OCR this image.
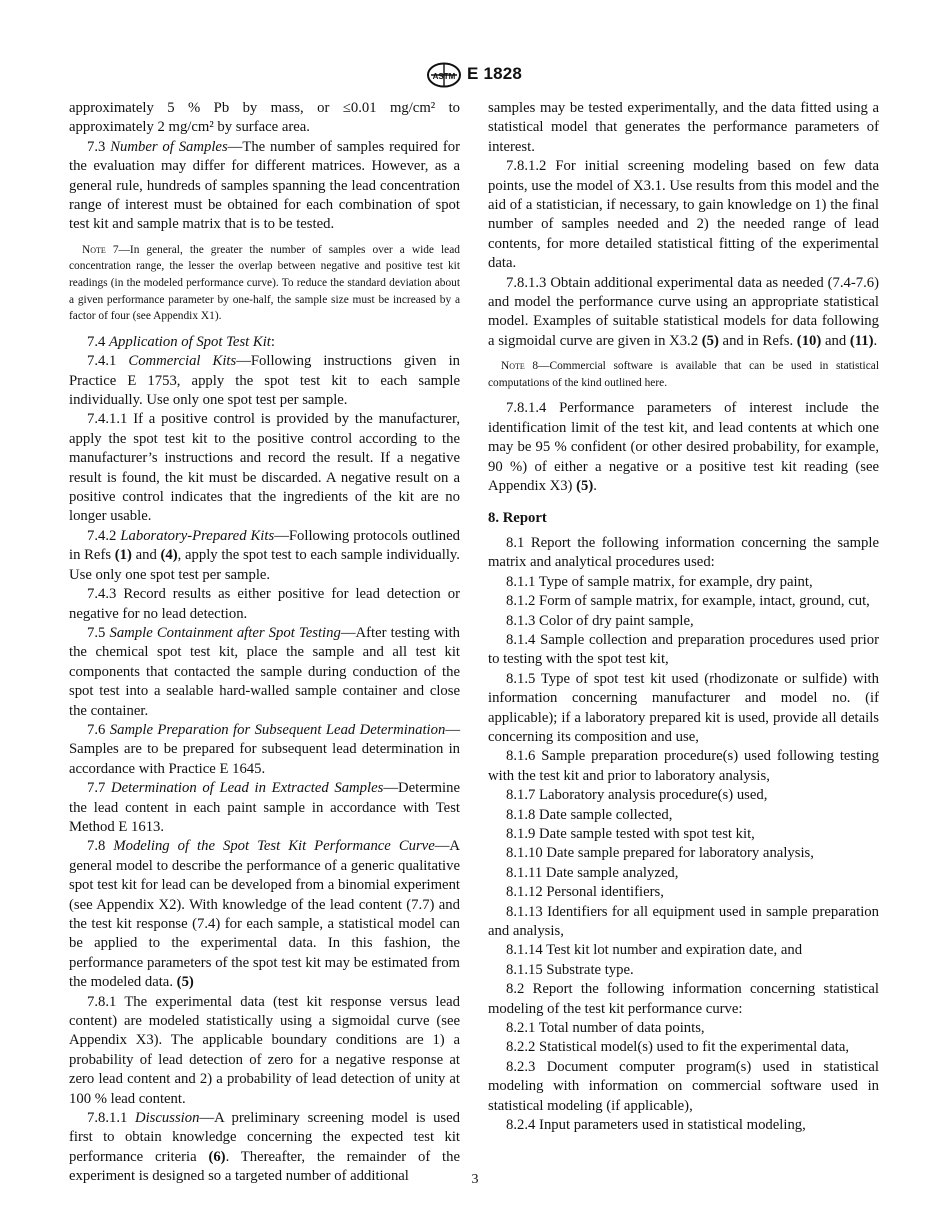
ASTM E 1828

approximately 5 % Pb by mass, or ≤0.01 mg/cm² to approximately 2 mg/cm² by surface area.

7.3 Number of Samples—The number of samples required for the evaluation may differ for different matrices. However, as a general rule, hundreds of samples spanning the lead concentration range of interest must be obtained for each combination of spot test kit and sample matrix that is to be tested.

Note 7—In general, the greater the number of samples over a wide lead concentration range, the lesser the overlap between negative and positive test kit readings (in the modeled performance curve). To reduce the standard deviation about a given performance parameter by one-half, the sample size must be increased by a factor of four (see Appendix X1).

7.4 Application of Spot Test Kit:

7.4.1 Commercial Kits—Following instructions given in Practice E 1753, apply the spot test kit to each sample individually. Use only one spot test per sample.

7.4.1.1 If a positive control is provided by the manufacturer, apply the spot test kit to the positive control according to the manufacturer’s instructions and record the result. If a negative result is found, the kit must be discarded. A negative result on a positive control indicates that the ingredients of the kit are no longer usable.

7.4.2 Laboratory-Prepared Kits—Following protocols outlined in Refs (1) and (4), apply the spot test to each sample individually. Use only one spot test per sample.

7.4.3 Record results as either positive for lead detection or negative for no lead detection.

7.5 Sample Containment after Spot Testing—After testing with the chemical spot test kit, place the sample and all test kit components that contacted the sample during conduction of the spot test into a sealable hard-walled sample container and close the container.

7.6 Sample Preparation for Subsequent Lead Determination—Samples are to be prepared for subsequent lead determination in accordance with Practice E 1645.

7.7 Determination of Lead in Extracted Samples—Determine the lead content in each paint sample in accordance with Test Method E 1613.

7.8 Modeling of the Spot Test Kit Performance Curve—A general model to describe the performance of a generic qualitative spot test kit for lead can be developed from a binomial experiment (see Appendix X2). With knowledge of the lead content (7.7) and the test kit response (7.4) for each sample, a statistical model can be applied to the experimental data. In this fashion, the performance parameters of the spot test kit may be estimated from the modeled data. (5)

7.8.1 The experimental data (test kit response versus lead content) are modeled statistically using a sigmoidal curve (see Appendix X3). The applicable boundary conditions are 1) a probability of lead detection of zero for a negative response at zero lead content and 2) a probability of lead detection of unity at 100 % lead content.

7.8.1.1 Discussion—A preliminary screening model is used first to obtain knowledge concerning the expected test kit performance criteria (6). Thereafter, the remainder of the experiment is designed so a targeted number of additional

samples may be tested experimentally, and the data fitted using a statistical model that generates the performance parameters of interest.

7.8.1.2 For initial screening modeling based on few data points, use the model of X3.1. Use results from this model and the aid of a statistician, if necessary, to gain knowledge on 1) the final number of samples needed and 2) the needed range of lead contents, for more detailed statistical fitting of the experimental data.

7.8.1.3 Obtain additional experimental data as needed (7.4-7.6) and model the performance curve using an appropriate statistical model. Examples of suitable statistical models for data following a sigmoidal curve are given in X3.2 (5) and in Refs. (10) and (11).

Note 8—Commercial software is available that can be used in statistical computations of the kind outlined here.

7.8.1.4 Performance parameters of interest include the identification limit of the test kit, and lead contents at which one may be 95 % confident (or other desired probability, for example, 90 %) of either a negative or a positive test kit reading (see Appendix X3) (5).

8. Report

8.1 Report the following information concerning the sample matrix and analytical procedures used:

8.1.1 Type of sample matrix, for example, dry paint,

8.1.2 Form of sample matrix, for example, intact, ground, cut,

8.1.3 Color of dry paint sample,

8.1.4 Sample collection and preparation procedures used prior to testing with the spot test kit,

8.1.5 Type of spot test kit used (rhodizonate or sulfide) with information concerning manufacturer and model no. (if applicable); if a laboratory prepared kit is used, provide all details concerning its composition and use,

8.1.6 Sample preparation procedure(s) used following testing with the test kit and prior to laboratory analysis,

8.1.7 Laboratory analysis procedure(s) used,

8.1.8 Date sample collected,

8.1.9 Date sample tested with spot test kit,

8.1.10 Date sample prepared for laboratory analysis,

8.1.11 Date sample analyzed,

8.1.12 Personal identifiers,

8.1.13 Identifiers for all equipment used in sample preparation and analysis,

8.1.14 Test kit lot number and expiration date, and

8.1.15 Substrate type.

8.2 Report the following information concerning statistical modeling of the test kit performance curve:

8.2.1 Total number of data points,

8.2.2 Statistical model(s) used to fit the experimental data,

8.2.3 Document computer program(s) used in statistical modeling with information on commercial software used in statistical modeling (if applicable),

8.2.4 Input parameters used in statistical modeling,

3
